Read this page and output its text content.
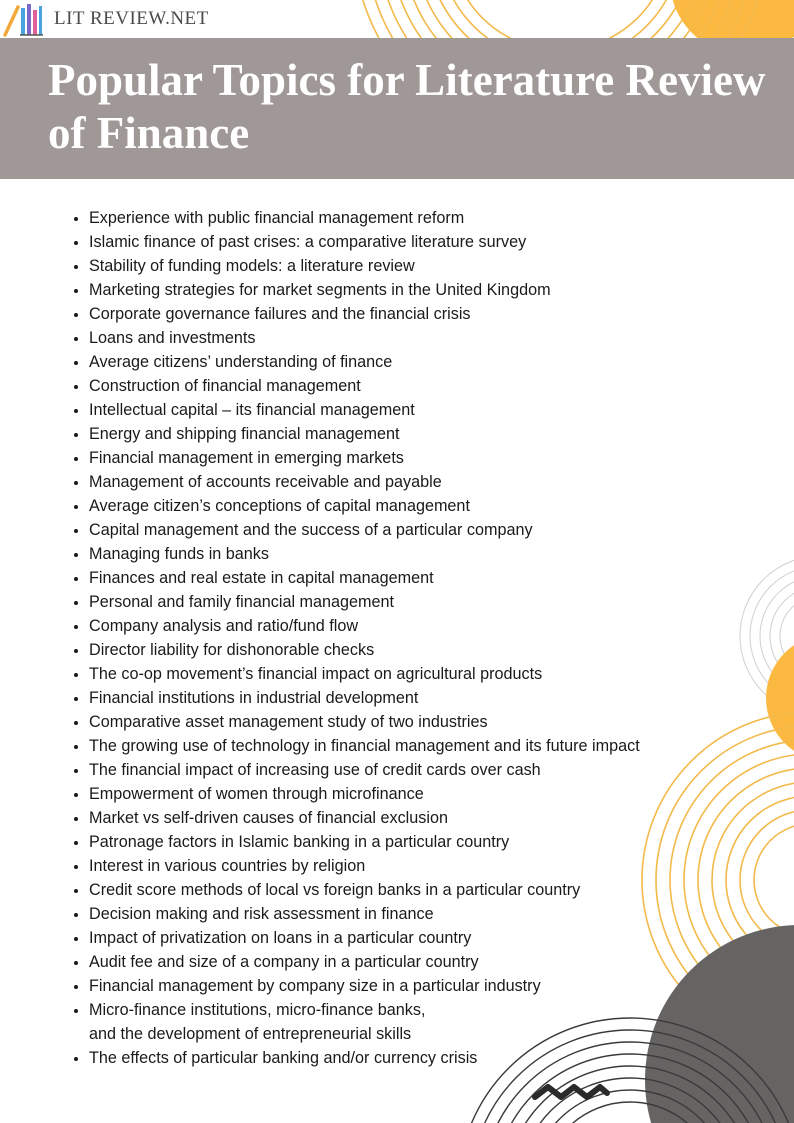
LIT REVIEW.NET
Popular Topics for Literature Review of Finance
• Experience with public financial management reform
• Islamic finance of past crises: a comparative literature survey
• Stability of funding models: a literature review
• Marketing strategies for market segments in the United Kingdom
• Corporate governance failures and the financial crisis
• Loans and investments
• Average citizens’ understanding of finance
• Construction of financial management
• Intellectual capital – its financial management
• Energy and shipping financial management
• Financial management in emerging markets
• Management of accounts receivable and payable
• Average citizen’s conceptions of capital management
• Capital management and the success of a particular company
• Managing funds in banks
• Finances and real estate in capital management
• Personal and family financial management
• Company analysis and ratio/fund flow
• Director liability for dishonorable checks
• The co-op movement’s financial impact on agricultural products
• Financial institutions in industrial development
• Comparative asset management study of two industries
• The growing use of technology in financial management and its future impact
• The financial impact of increasing use of credit cards over cash
• Empowerment of women through microfinance
• Market vs self-driven causes of financial exclusion
• Patronage factors in Islamic banking in a particular country
• Interest in various countries by religion
• Credit score methods of local vs foreign banks in a particular country
• Decision making and risk assessment in finance
• Impact of privatization on loans in a particular country
• Audit fee and size of a company in a particular country
• Financial management by company size in a particular industry
• Micro-finance institutions, micro-finance banks,
and the development of entrepreneurial skills
• The effects of particular banking and/or currency crisis
